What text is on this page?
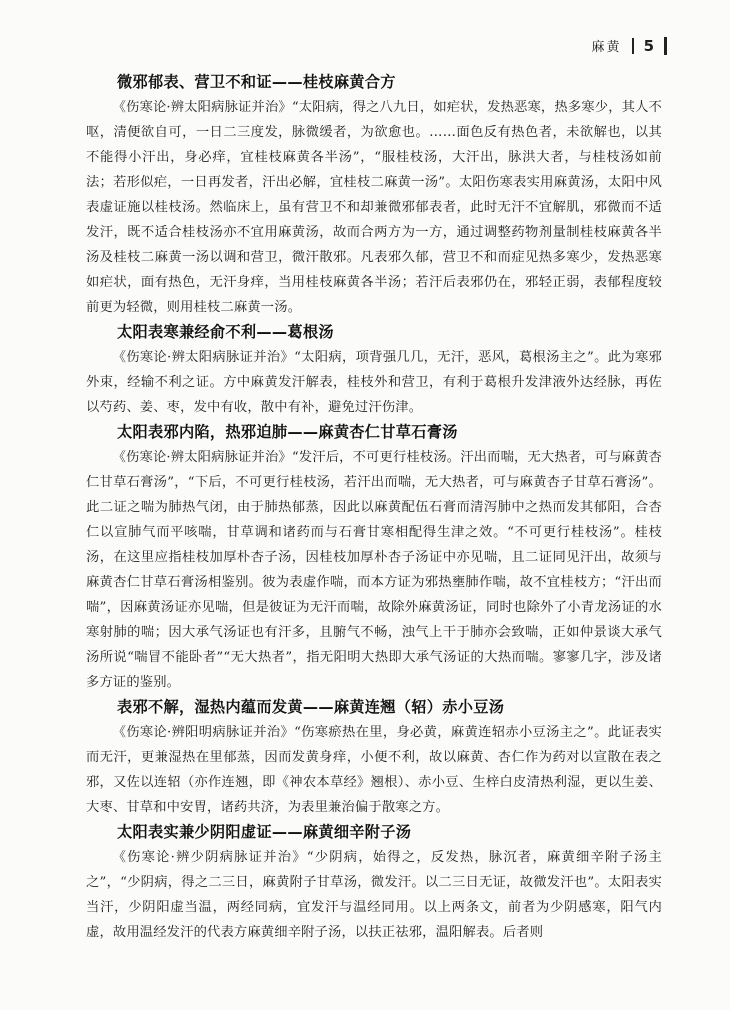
麻黄 5
微邪郁表、营卫不和证——桂枝麻黄合方

《伤寒论·辨太阳病脉证并治》“太阳病，得之八九日，如疟状，发热恶寒，热多寒少，其人不呕，清便欲自可，一日二三度发，脉微缓者，为欲愈也。……面色反有热色者，未欲解也，以其不能得小汗出，身必痒，宜桂枝麻黄各半汤”，“服桂枝汤，大汗出，脉洪大者，与桂枝汤如前法；若形似疟，一日再发者，汗出必解，宜桂枝二麻黄一汤”。太阳伤寒表实用麻黄汤，太阳中风表虚证施以桂枝汤。然临床上，虽有营卫不和却兼微邪郁表者，此时无汗不宜解肌，邪微而不适发汗，既不适合桂枝汤亦不宜用麻黄汤，故而合两方为一方，通过调整药物剂量制桂枝麻黄各半汤及桂枝二麻黄一汤以调和营卫，微汗散邪。凡表邪久郁，营卫不和而症见热多寒少，发热恶寒如疟状，面有热色，无汗身痒，当用桂枝麻黄各半汤；若汗后表邪仍在，邪轻正弱，表郁程度较前更为轻微，则用桂枝二麻黄一汤。

太阳表寒兼经俞不利——葛根汤

《伤寒论·辨太阳病脉证并治》“太阳病，项背强几几，无汗，恶风，葛根汤主之”。此为寒邪外束，经输不利之证。方中麻黄发汗解表，桂枝外和营卫，有利于葛根升发津液外达经脉，再佐以芍药、姜、枣，发中有收，散中有补，避免过汗伤津。

太阳表邪内陷，热邪迫肺——麻黄杏仁甘草石膏汤

《伤寒论·辨太阳病脉证并治》“发汗后，不可更行桂枝汤。汗出而喘，无大热者，可与麻黄杏仁甘草石膏汤”，“下后，不可更行桂枝汤，若汗出而喘，无大热者，可与麻黄杏子甘草石膏汤”。此二证之喘为肺热气闭，由于肺热郁蒸，因此以麻黄配伍石膏而清泻肺中之热而发其郁阳，合杏仁以宣肺气而平咳喘，甘草调和诸药而与石膏甘寒相配得生津之效。“不可更行桂枝汤”。桂枝汤，在这里应指桂枝加厚朴杏子汤，因桂枝加厚朴杏子汤证中亦见喘，且二证同见汗出，故须与麻黄杏仁甘草石膏汤相鉴别。彼为表虚作喘，而本方证为邪热壅肺作喘，故不宜桂枝方；“汗出而喘”，因麻黄汤证亦见喘，但是彼证为无汗而喘，故除外麻黄汤证，同时也除外了小青龙汤证的水寒射肺的喘；因大承气汤证也有汗多，且腑气不畅，浊气上干于肺亦会致喘，正如仲景谈大承气汤所说“喘冒不能卧者”“无大热者”，指无阳明大热即大承气汤证的大热而喘。寥寥几字，涉及诸多方证的鉴别。

表邪不解，湿热内蕴而发黄——麻黄连翘（轺）赤小豆汤

《伤寒论·辨阳明病脉证并治》“伤寒瘀热在里，身必黄，麻黄连轺赤小豆汤主之”。此证表实而无汗，更兼湿热在里郁蒸，因而发黄身痒，小便不利，故以麻黄、杏仁作为药对以宣散在表之邪，又佐以连轺（亦作连翘，即《神农本草经》翘根）、赤小豆、生梓白皮清热利湿，更以生姜、大枣、甘草和中安胃，诸药共济，为表里兼治偏于散寒之方。

太阳表实兼少阴阳虚证——麻黄细辛附子汤

《伤寒论·辨少阴病脉证并治》“少阴病，始得之，反发热，脉沉者，麻黄细辛附子汤主之”，“少阴病，得之二三日，麻黄附子甘草汤，微发汗。以二三日无证，故微发汗也”。太阳表实当汗，少阴阳虚当温，两经同病，宜发汗与温经同用。以上两条文，前者为少阴感寒，阳气内虚，故用温经发汗的代表方麻黄细辛附子汤，以扶正祛邪，温阳解表。后者则
